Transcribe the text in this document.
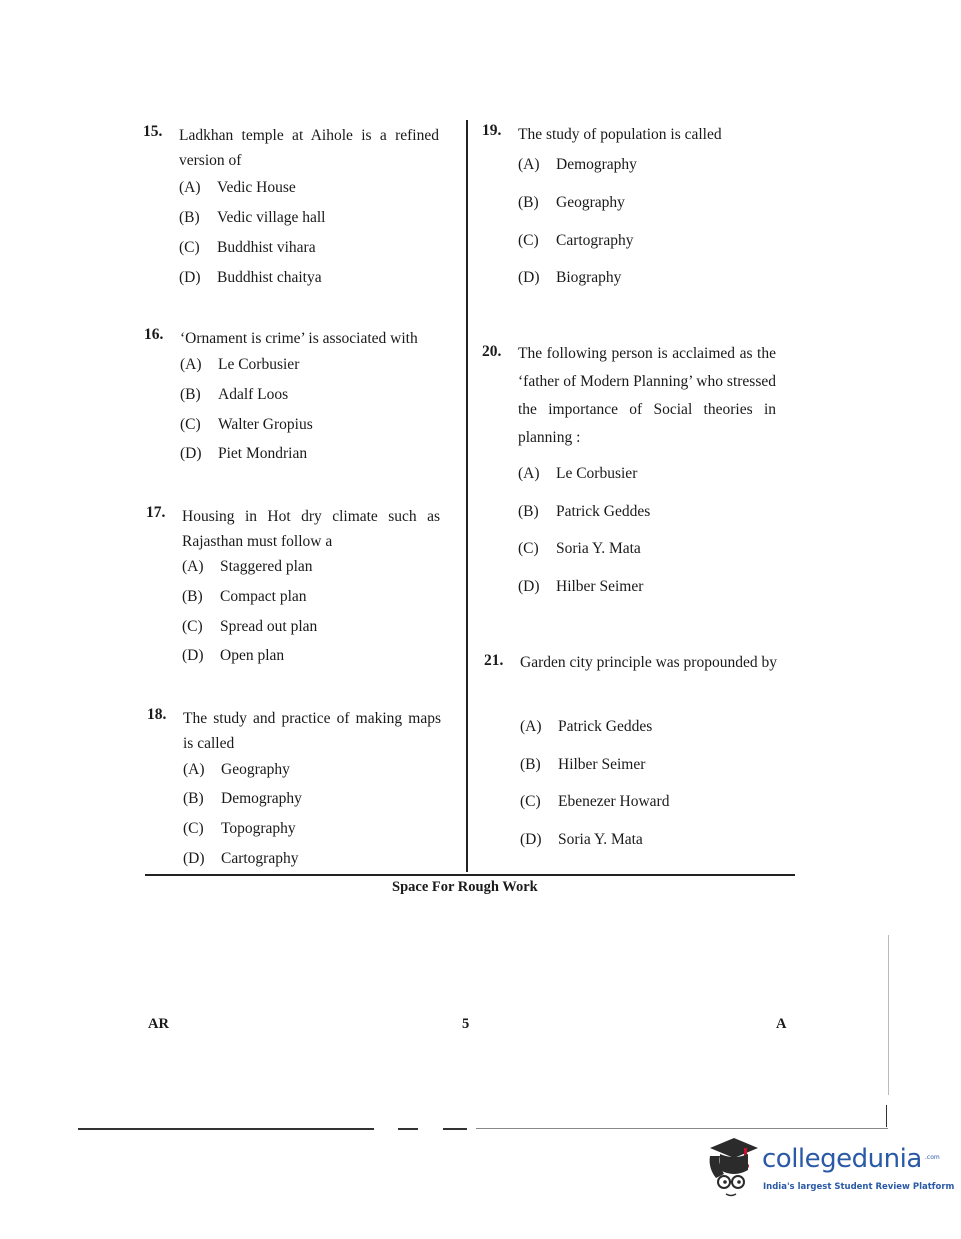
15. Ladkhan temple at Aihole is a refined version of
(A) Vedic House
(B) Vedic village hall
(C) Buddhist vihara
(D) Buddhist chaitya
16. ‘Ornament is crime’ is associated with
(A) Le Corbusier
(B) Adalf Loos
(C) Walter Gropius
(D) Piet Mondrian
17. Housing in Hot dry climate such as Rajasthan must follow a
(A) Staggered plan
(B) Compact plan
(C) Spread out plan
(D) Open plan
18. The study and practice of making maps is called
(A) Geography
(B) Demography
(C) Topography
(D) Cartography
19. The study of population is called
(A) Demography
(B) Geography
(C) Cartography
(D) Biography
20. The following person is acclaimed as the ‘father of Modern Planning’ who stressed the importance of Social theories in planning :
(A) Le Corbusier
(B) Patrick Geddes
(C) Soria Y. Mata
(D) Hilber Seimer
21. Garden city principle was propounded by
(A) Patrick Geddes
(B) Hilber Seimer
(C) Ebenezer Howard
(D) Soria Y. Mata
Space For Rough Work
AR	5	A
collegedunia .com
India's largest Student Review Platform
